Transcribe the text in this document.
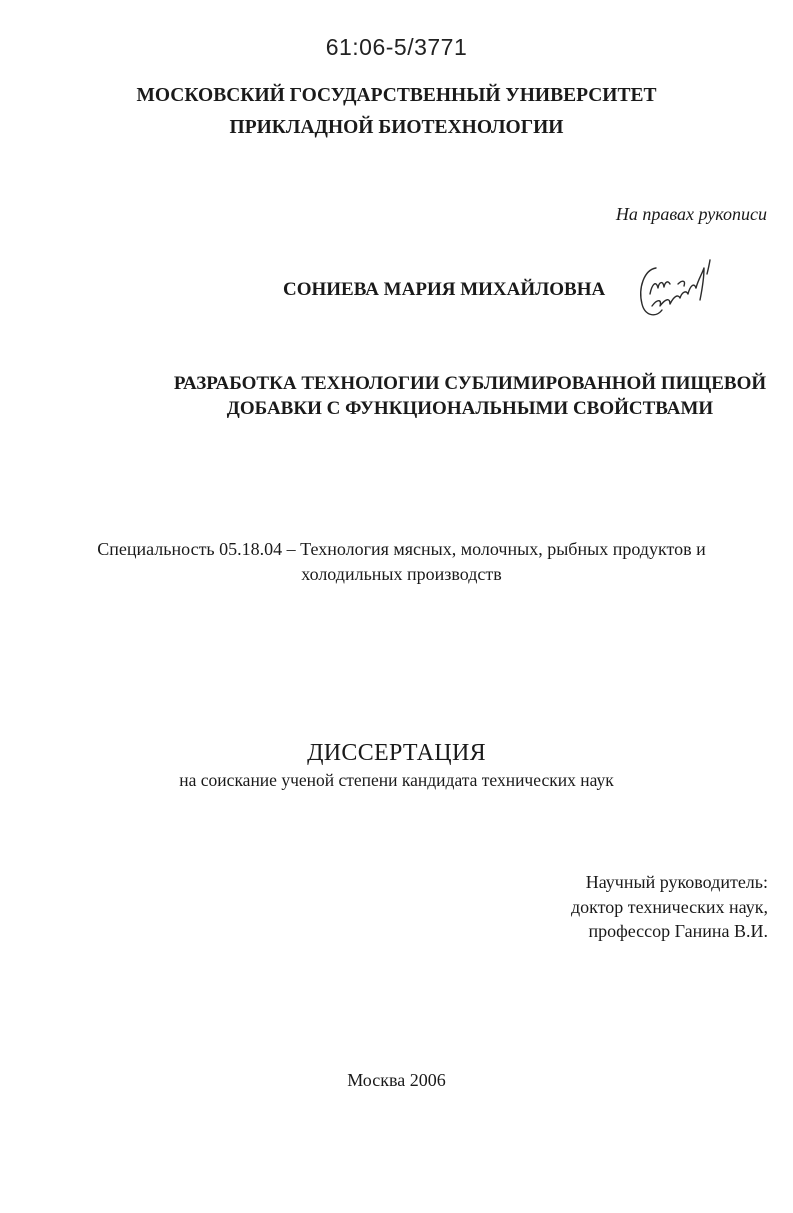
61:06-5/3771
МОСКОВСКИЙ ГОСУДАРСТВЕННЫЙ УНИВЕРСИТЕТ
ПРИКЛАДНОЙ БИОТЕХНОЛОГИИ
На правах рукописи
СОНИЕВА МАРИЯ МИХАЙЛОВНА
РАЗРАБОТКА ТЕХНОЛОГИИ СУБЛИМИРОВАННОЙ ПИЩЕВОЙ
ДОБАВКИ С ФУНКЦИОНАЛЬНЫМИ СВОЙСТВАМИ
Специальность 05.18.04 – Технология мясных, молочных, рыбных продуктов и
холодильных производств
ДИССЕРТАЦИЯ
на соискание ученой степени кандидата технических наук
Научный руководитель:
доктор технических наук,
профессор Ганина В.И.
Москва 2006
